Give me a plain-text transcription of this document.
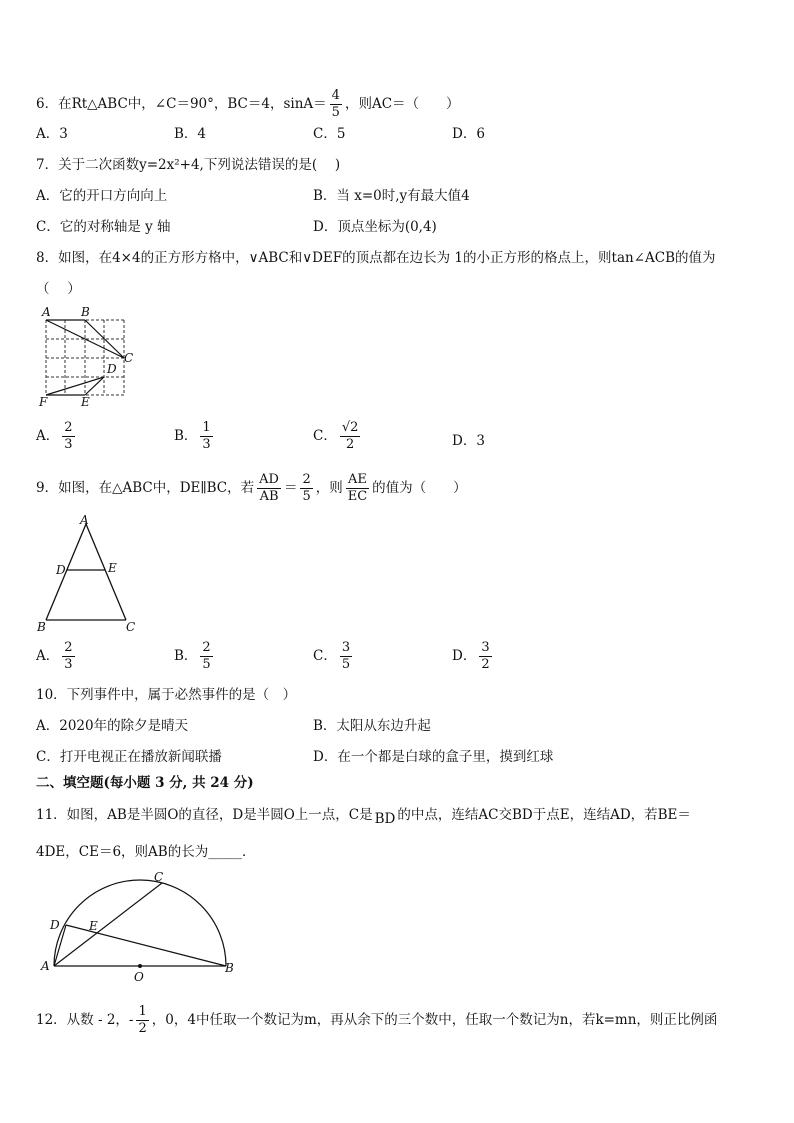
6．在Rt△ABC中，∠C＝90°，BC＝4，$\sin A= \frac{4}{5}$ ，则AC＝（　　）
A．3	B．4	C．5	D．6
7．关于二次函数y=2x²+4,下列说法错误的是(　 )
A．它的开口方向向上	B．当 x=0时,y有最大值4
C．它的对称轴是 y 轴	D．顶点坐标为(0,4)
8．如图，在4×4的正方形方格中，∨ABC和∨DEF的顶点都在边长为 1的小正方形的格点上，则tan∠ACB的值为
（　 ）
A	B
C
D
E
F
A． $\frac{2}{3}$	B． $\frac{1}{3}$	C． $\frac{√2}{2}$	D．3
9．如图，在△ABC中，DE∥BC，若 $\frac{AD}{AB} = \frac{2}{5}$ ，则 $\frac{AE}{EC}$ 的值为（　　）
A
D	E
B	C
A． $\frac{2}{3}$	B． $\frac{2}{5}$	C． $\frac{3}{5}$	D． $\frac{3}{2}$
10．下列事件中，属于必然事件的是（　）
A．2020年的除夕是晴天	B．太阳从东边升起
C．打开电视正在播放新闻联播	D．在一个都是白球的盒子里，摸到红球
二、填空题(每小题 3 分, 共 24 分)
11．如图，AB是半圆O的直径，D是半圆O上一点，C是 BD 的中点，连结AC交BD于点E，连结AD，若BE＝
4DE，CE＝6，则AB的长为_____．
C
D E
A
O
B
12．从数 - 2，- $\frac{1}{2}$ ，0，4中任取一个数记为m，再从余下的三个数中，任取一个数记为n，若k=mn，则正比例函
